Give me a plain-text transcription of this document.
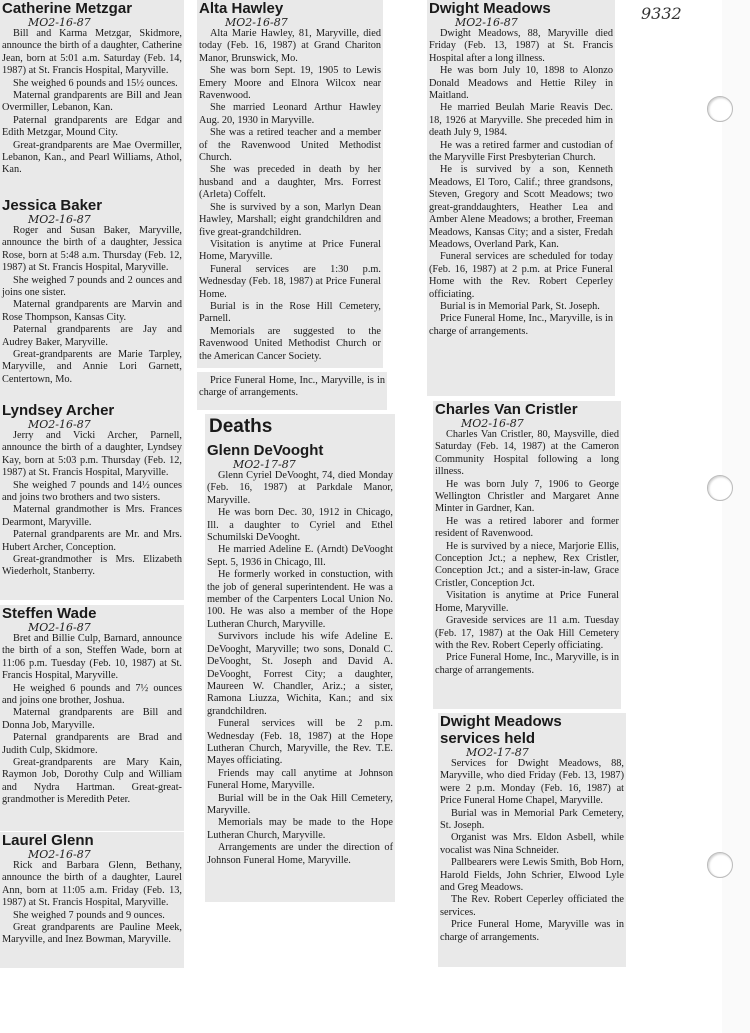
9332
Catherine Metzgar
MO2-16-87

Bill and Karma Metzgar, Skidmore, announce the birth of a daughter, Catherine Jean, born at 5:01 a.m. Saturday (Feb. 14, 1987) at St. Francis Hospital, Maryville.

She weighed 6 pounds and 15½ ounces.

Maternal grandparents are Bill and Jean Overmiller, Lebanon, Kan.

Paternal grandparents are Edgar and Edith Metzgar, Mound City.

Great-grandparents are Mae Overmiller, Lebanon, Kan., and Pearl Williams, Athol, Kan.

Jessica Baker
MO2-16-87

Roger and Susan Baker, Maryville, announce the birth of a daughter, Jessica Rose, born at 5:48 a.m. Thursday (Feb. 12, 1987) at St. Francis Hospital, Maryville.

She weighed 7 pounds and 2 ounces and joins one sister.

Maternal grandparents are Marvin and Rose Thompson, Kansas City.

Paternal grandparents are Jay and Audrey Baker, Maryville.

Great-grandparents are Marie Tarpley, Maryville, and Annie Lori Garnett, Centertown, Mo.

Lyndsey Archer
MO2-16-87

Jerry and Vicki Archer, Parnell, announce the birth of a daughter, Lyndsey Kay, born at 5:03 p.m. Thursday (Feb. 12, 1987) at St. Francis Hospital, Maryville.

She weighed 7 pounds and 14½ ounces and joins two brothers and two sisters.

Maternal grandmother is Mrs. Frances Dearmont, Maryville.

Paternal grandparents are Mr. and Mrs. Hubert Archer, Conception.

Great-grandmother is Mrs. Elizabeth Wiederholt, Stanberry.

Steffen Wade
MO2-16-87

Bret and Billie Culp, Barnard, announce the birth of a son, Steffen Wade, born at 11:06 p.m. Tuesday (Feb. 10, 1987) at St. Francis Hospital, Maryville.

He weighed 6 pounds and 7½ ounces and joins one brother, Joshua.

Maternal grandparents are Bill and Donna Job, Maryville.

Paternal grandparents are Brad and Judith Culp, Skidmore.

Great-grandparents are Mary Kain, Raymon Job, Dorothy Culp and William and Nydra Hartman. Great-great-grandmother is Meredith Peter.

Laurel Glenn
MO2-16-87

Rick and Barbara Glenn, Bethany, announce the birth of a daughter, Laurel Ann, born at 11:05 a.m. Friday (Feb. 13, 1987) at St. Francis Hospital, Maryville.

She weighed 7 pounds and 9 ounces.

Great grandparents are Pauline Meek, Maryville, and Inez Bowman, Maryville.

Alta Hawley
MO2-16-87

Alta Marie Hawley, 81, Maryville, died today (Feb. 16, 1987) at Grand Chariton Manor, Brunswick, Mo.

She was born Sept. 19, 1905 to Lewis Emery Moore and Elnora Wilcox near Ravenwood.

She married Leonard Arthur Hawley Aug. 20, 1930 in Maryville.

She was a retired teacher and a member of the Ravenwood United Methodist Church.

She was preceded in death by her husband and a daughter, Mrs. Forrest (Arleta) Coffelt.

She is survived by a son, Marlyn Dean Hawley, Marshall; eight grandchildren and five great-grandchildren.

Visitation is anytime at Price Funeral Home, Maryville.

Funeral services are 1:30 p.m. Wednesday (Feb. 18, 1987) at Price Funeral Home.

Burial is in the Rose Hill Cemetery, Parnell.

Memorials are suggested to the Ravenwood United Methodist Church or the American Cancer Society.

Price Funeral Home, Inc., Maryville, is in charge of arrangements.

Deaths
Glenn DeVooght
MO2-17-87

Glenn Cyriel DeVooght, 74, died Monday (Feb. 16, 1987) at Parkdale Manor, Maryville.

He was born Dec. 30, 1912 in Chicago, Ill. a daughter to Cyriel and Ethel Schumilski DeVooght.

He married Adeline E. (Arndt) DeVooght Sept. 5, 1936 in Chicago, Ill.

He formerly worked in constuction, with the job of general superintendent. He was a member of the Carpenters Local Union No. 100. He was also a member of the Hope Lutheran Church, Maryville.

Survivors include his wife Adeline E. DeVooght, Maryville; two sons, Donald C. DeVooght, St. Joseph and David A. DeVooght, Forrest City; a daughter, Maureen W. Chandler, Ariz.; a sister, Ramona Liuzza, Wichita, Kan.; and six grandchildren.

Funeral services will be 2 p.m. Wednesday (Feb. 18, 1987) at the Hope Lutheran Church, Maryville, the Rev. T.E. Mayes officiating.

Friends may call anytime at Johnson Funeral Home, Maryville.

Burial will be in the Oak Hill Cemetery, Maryville.

Memorials may be made to the Hope Lutheran Church, Maryville.

Arrangements are under the direction of Johnson Funeral Home, Maryville.

Dwight Meadows
MO2-16-87

Dwight Meadows, 88, Maryville died Friday (Feb. 13, 1987) at St. Francis Hospital after a long illness.

He was born July 10, 1898 to Alonzo Donald Meadows and Hettie Riley in Maitland.

He married Beulah Marie Reavis Dec. 18, 1926 at Maryville. She preceded him in death July 9, 1984.

He was a retired farmer and custodian of the Maryville First Presbyterian Church.

He is survived by a son, Kenneth Meadows, El Toro, Calif.; three grandsons, Steven, Gregory and Scott Meadows; two great-granddaughters, Heather Lea and Amber Alene Meadows; a brother, Freeman Meadows, Kansas City; and a sister, Fredah Meadows, Overland Park, Kan.

Funeral services are scheduled for today (Feb. 16, 1987) at 2 p.m. at Price Funeral Home with the Rev. Robert Ceperley officiating.

Burial is in Memorial Park, St. Joseph.

Price Funeral Home, Inc., Maryville, is in charge of arrangements.

Charles Van Cristler
MO2-16-87

Charles Van Cristler, 80, Maysville, died Saturday (Feb. 14, 1987) at the Cameron Community Hospital following a long illness.

He was born July 7, 1906 to George Wellington Christler and Margaret Anne Minter in Gardner, Kan.

He was a retired laborer and former resident of Ravenwood.

He is survived by a niece, Marjorie Ellis, Conception Jct.; a nephew, Rex Cristler, Conception Jct.; and a sister-in-law, Grace Cristler, Conception Jct.

Visitation is anytime at Price Funeral Home, Maryville.

Graveside services are 11 a.m. Tuesday (Feb. 17, 1987) at the Oak Hill Cemetery with the Rev. Robert Ceperly officiating.

Price Funeral Home, Inc., Maryville, is in charge of arrangements.

Dwight Meadows
services held
MO2-17-87

Services for Dwight Meadows, 88, Maryville, who died Friday (Feb. 13, 1987) were 2 p.m. Monday (Feb. 16, 1987) at Price Funeral Home Chapel, Maryville.

Burial was in Memorial Park Cemetery, St. Joseph.

Organist was Mrs. Eldon Asbell, while vocalist was Nina Schneider.

Pallbearers were Lewis Smith, Bob Horn, Harold Fields, John Schrier, Elwood Lyle and Greg Meadows.

The Rev. Robert Ceperley officiated the services.

Price Funeral Home, Maryville was in charge of arrangements.
